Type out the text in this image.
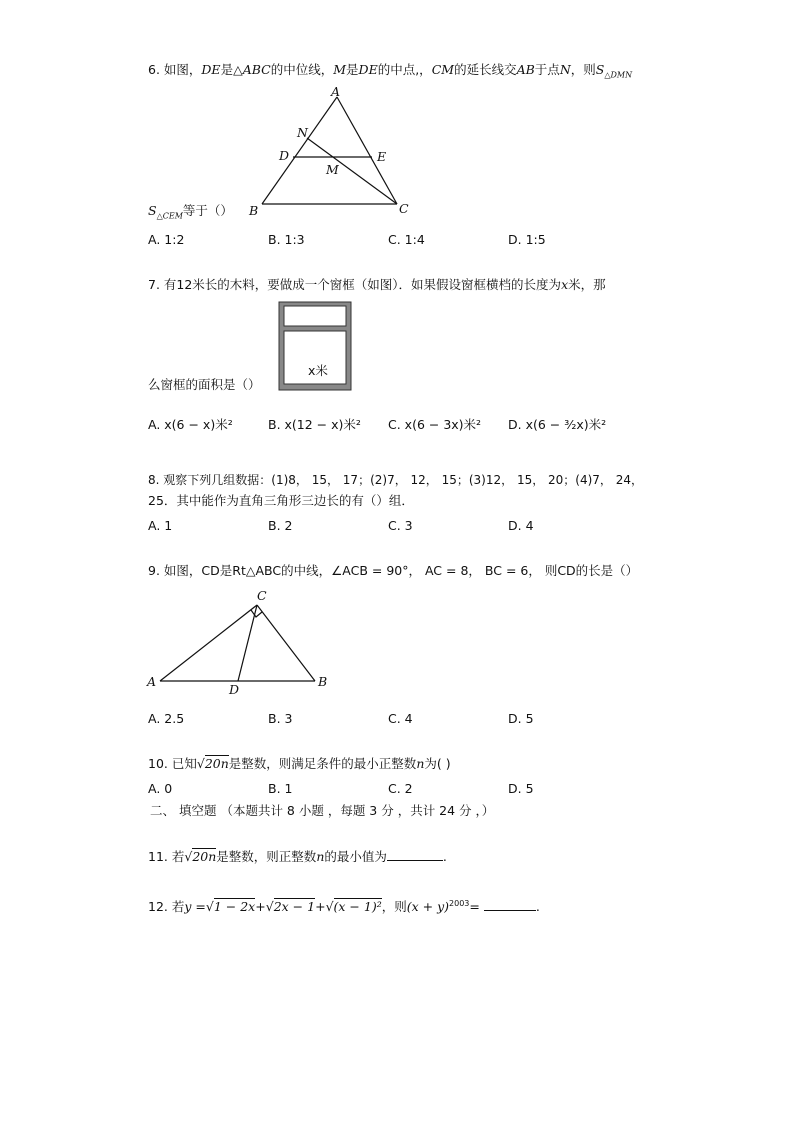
6. 如图，DE是△ABC的中位线，M是DE的中点,，CM的延长线交AB于点N，则$S_{\triangle DMN}$
A
N
D	E
M
B	C
$S_{\triangle CEM}$等于（）
A. 1:2	B. 1:3	C. 1:4	D. 1:5
7. 有12米长的木料，要做成一个窗框（如图）．如果假设窗框横档的长度为x米，那
x米
么窗框的面积是（）
A. x(6 − x)米²	B. x(12 − x)米² C. x(6 − 3x)米² D. x(6 − ³⁄₂x)米²
8. 观察下列几组数据：(1)8， 15， 17；(2)7， 12， 15；(3)12， 15， 20；(4)7， 24，
25．其中能作为直角三角形三边长的有（）组．
A. 1	B. 2	C. 3	D. 4
9. 如图，CD是Rt△ABC的中线，∠ACB = 90°， AC = 8， BC = 6， 则CD的长是（）
C
A
D
B
A. 2.5	B. 3	C. 4	D. 5
10. 已知√20n是整数，则满足条件的最小正整数n为( )
A. 0	B. 1	C. 2	D. 5
二、 填空题 （本题共计 8 小题 ，每题 3 分 ，共计 24 分 ，）
11. 若√20n是整数，则正整数n的最小值为	.
12. 若y =√1 − 2x+√2x − 1+√(x − 1)²，则$(x + y)^{2003}=$	.
